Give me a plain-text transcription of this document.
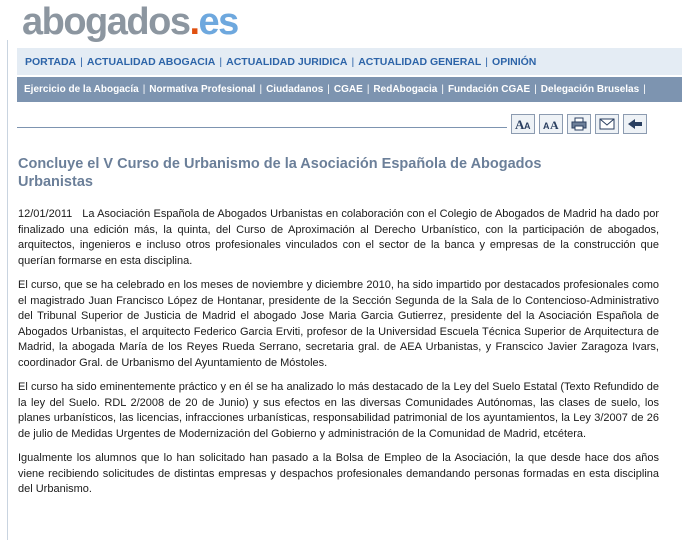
abogados.es
PORTADA | ACTUALIDAD ABOGACIA | ACTUALIDAD JURIDICA | ACTUALIDAD GENERAL | OPINIÓN
Ejercicio de la Abogacía | Normativa Profesional | Ciudadanos | CGAE | RedAbogacia | Fundación CGAE | Delegación Bruselas |
A A A A
Concluye el V Curso de Urbanismo de la Asociación Española de Abogados Urbanistas

12/01/2011 La Asociación Española de Abogados Urbanistas en colaboración con el Colegio de Abogados de Madrid ha dado por finalizado una edición más, la quinta, del Curso de Aproximación al Derecho Urbanístico, con la participación de abogados, arquitectos, ingenieros e incluso otros profesionales vinculados con el sector de la banca y empresas de la construcción que querían formarse en esta disciplina.

El curso, que se ha celebrado en los meses de noviembre y diciembre 2010, ha sido impartido por destacados profesionales como el magistrado Juan Francisco López de Hontanar, presidente de la Sección Segunda de la Sala de lo Contencioso-Administrativo del Tribunal Superior de Justicia de Madrid el abogado Jose Maria Garcia Gutierrez, presidente del la Asociación Española de Abogados Urbanistas, el arquitecto Federico Garcia Erviti, profesor de la Universidad Escuela Técnica Superior de Arquitectura de Madrid, la abogada María de los Reyes Rueda Serrano, secretaria gral. de AEA Urbanistas, y Franscico Javier Zaragoza Ivars, coordinador Gral. de Urbanismo del Ayuntamiento de Móstoles.

El curso ha sido eminentemente práctico y en él se ha analizado lo más destacado de la Ley del Suelo Estatal (Texto Refundido de la ley del Suelo. RDL 2/2008 de 20 de Junio) y sus efectos en las diversas Comunidades Autónomas, las clases de suelo, los planes urbanísticos, las licencias, infracciones urbanísticas, responsabilidad patrimonial de los ayuntamientos, la Ley 3/2007 de 26 de julio de Medidas Urgentes de Modernización del Gobierno y administración de la Comunidad de Madrid, etcétera.

Igualmente los alumnos que lo han solicitado han pasado a la Bolsa de Empleo de la Asociación, la que desde hace dos años viene recibiendo solicitudes de distintas empresas y despachos profesionales demandando personas formadas en esta disciplina del Urbanismo.
